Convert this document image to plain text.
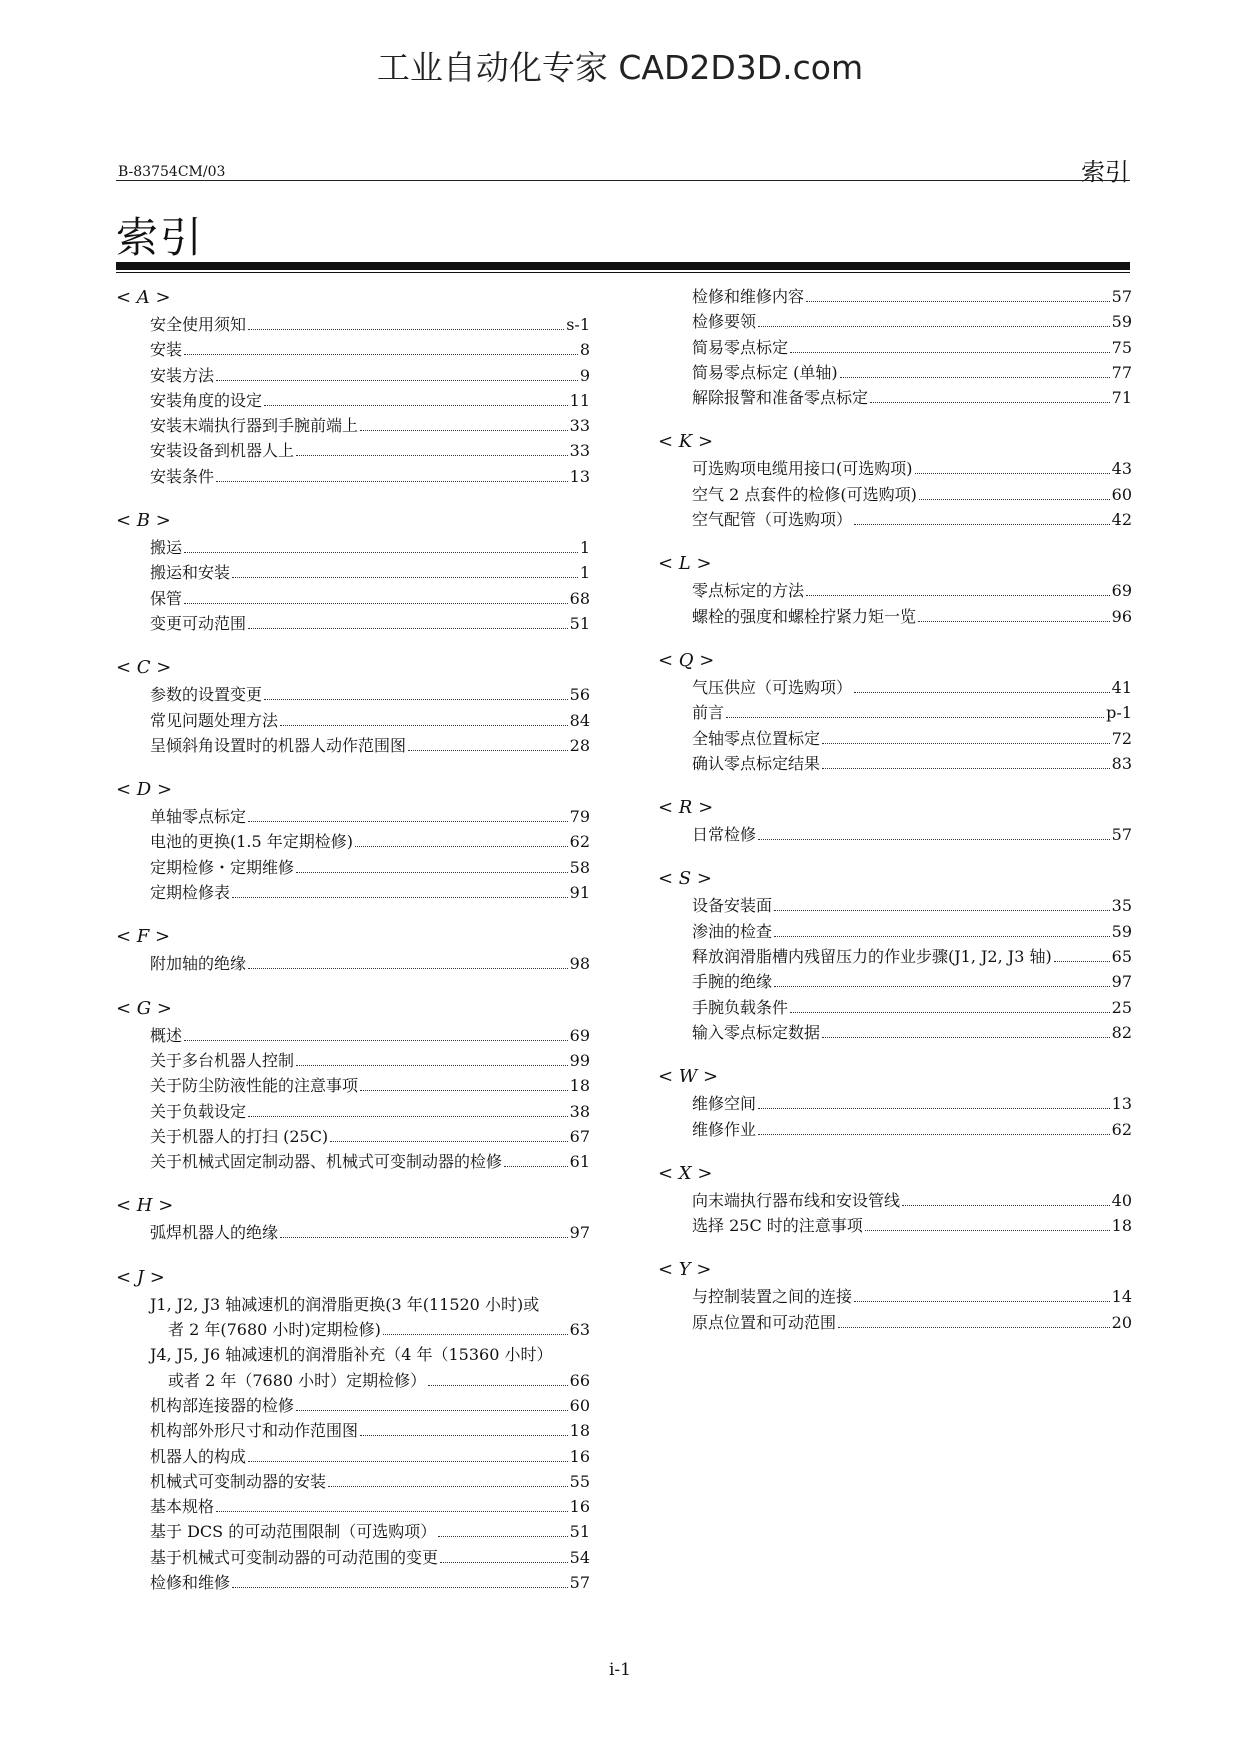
工业自动化专家 CAD2D3D.com
B-83754CM/03	索引
索引
< A >
安全使用须知	s-1
安装	8
安装方法	9
安装角度的设定	11
安装末端执行器到手腕前端上	33
安装设备到机器人上	33
安装条件	13
< B >
搬运	1
搬运和安装	1
保管	68
变更可动范围	51
< C >
参数的设置变更	56
常见问题处理方法	84
呈倾斜角设置时的机器人动作范围图	28
< D >
单轴零点标定	79
电池的更换(1.5 年定期检修)	62
定期检修・定期维修	58
定期检修表	91
< F >
附加轴的绝缘	98
< G >
概述	69
关于多台机器人控制	99
关于防尘防液性能的注意事项	18
关于负载设定	38
关于机器人的打扫 (25C)	67
关于机械式固定制动器、机械式可变制动器的检修	61
< H >
弧焊机器人的绝缘	97
< J >
J1, J2, J3 轴减速机的润滑脂更换(3 年(11520 小时)或
者 2 年(7680 小时)定期检修)	63
J4, J5, J6 轴减速机的润滑脂补充（4 年（15360 小时）
或者 2 年（7680 小时）定期检修）	66
机构部连接器的检修	60
机构部外形尺寸和动作范围图	18
机器人的构成	16
机械式可变制动器的安装	55
基本规格	16
基于 DCS 的可动范围限制（可选购项）	51
基于机械式可变制动器的可动范围的变更	54
检修和维修	57
检修和维修内容	57
检修要领	59
简易零点标定	75
简易零点标定 (单轴)	77
解除报警和准备零点标定	71
< K >
可选购项电缆用接口(可选购项)	43
空气 2 点套件的检修(可选购项)	60
空气配管（可选购项）	42
< L >
零点标定的方法	69
螺栓的强度和螺栓拧紧力矩一览	96
< Q >
气压供应（可选购项）	41
前言	p-1
全轴零点位置标定	72
确认零点标定结果	83
< R >
日常检修	57
< S >
设备安装面	35
渗油的检查	59
释放润滑脂槽内残留压力的作业步骤(J1, J2, J3 轴)	65
手腕的绝缘	97
手腕负载条件	25
输入零点标定数据	82
< W >
维修空间	13
维修作业	62
< X >
向末端执行器布线和安设管线	40
选择 25C 时的注意事项	18
< Y >
与控制装置之间的连接	14
原点位置和可动范围	20
i-1
